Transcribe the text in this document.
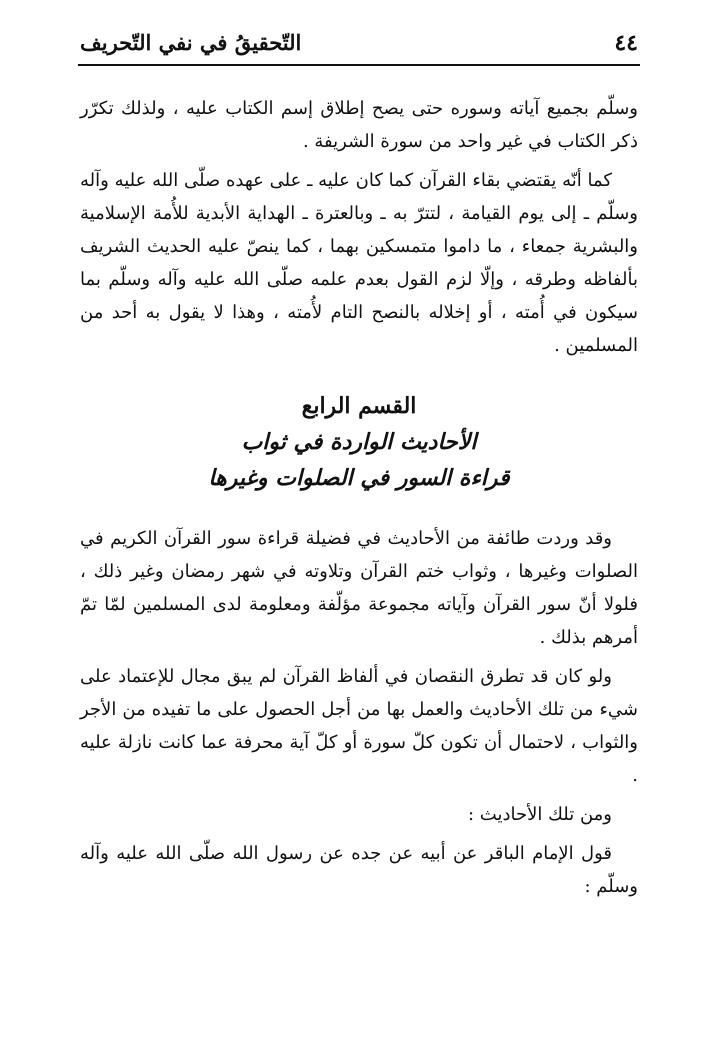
٤٤
التّحقيقُ في نفي التّحريف

وسلّم بجميع آياته وسوره حتى يصح إطلاق إسم الكتاب عليه ، ولذلك تكرّر ذكر الكتاب في غير واحد من سورة الشريفة .

كما أنّه يقتضي بقاء القرآن كما كان عليه ـ على عهده صلّى الله عليه وآله وسلّم ـ إلى يوم القيامة ، لتترّ به ـ وبالعترة ـ الهداية الأبدية للأُمة الإسلامية والبشرية جمعاء ، ما داموا متمسكين بهما ، كما ينصّ عليه الحديث الشريف بألفاظه وطرقه ، وإلّا لزم القول بعدم علمه صلّى الله عليه وآله وسلّم بما سيكون في أُمته ، أو إخلاله بالنصح التام لأُمته ، وهذا لا يقول به أحد من المسلمين .

القسم الرابع

الأحاديث الواردة في ثواب

قراءة السور في الصلوات وغيرها

وقد وردت طائفة من الأحاديث في فضيلة قراءة سور القرآن الكريم في الصلوات وغيرها ، وثواب ختم القرآن وتلاوته في شهر رمضان وغير ذلك ، فلولا أنّ سور القرآن وآياته مجموعة مؤلّفة ومعلومة لدى المسلمين لمّا تمّ أمرهم بذلك .

ولو كان قد تطرق النقصان في ألفاظ القرآن لم يبق مجال للإعتماد على شيء من تلك الأحاديث والعمل بها من أجل الحصول على ما تفيده من الأجر والثواب ، لاحتمال أن تكون كلّ سورة أو كلّ آية محرفة عما كانت نازلة عليه .

ومن تلك الأحاديث :

قول الإمام الباقر عن أبيه عن جده عن رسول الله صلّى الله عليه وآله وسلّم :
